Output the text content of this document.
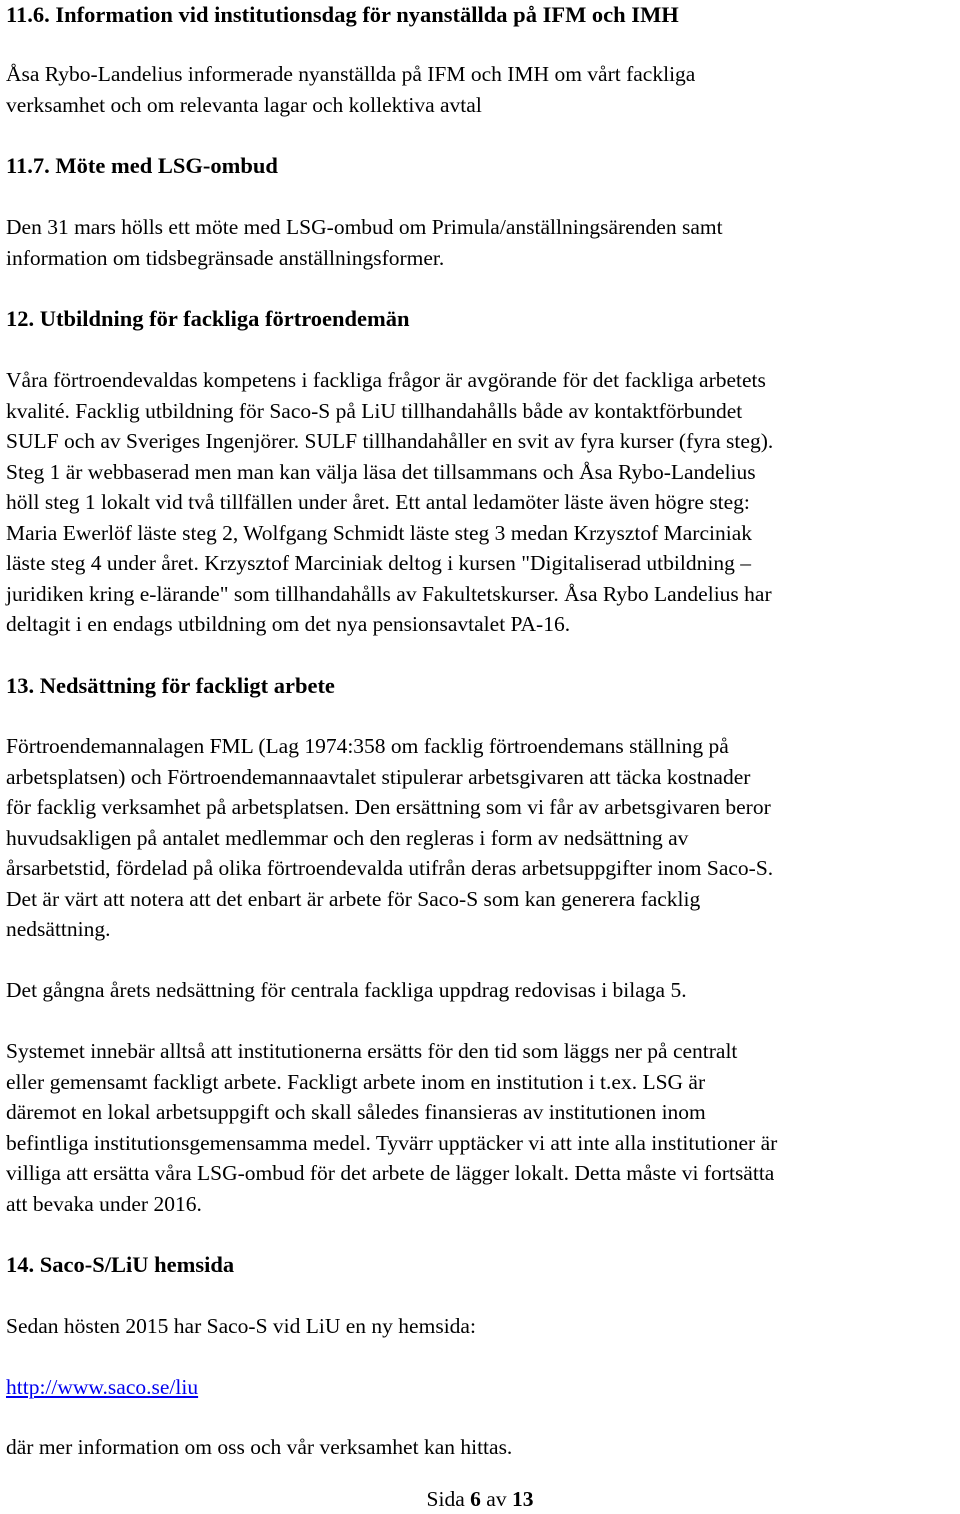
11.6. Information vid institutionsdag för nyanställda på IFM och IMH

Åsa Rybo-Landelius informerade nyanställda på IFM och IMH om vårt fackliga
verksamhet och om relevanta lagar och kollektiva avtal

11.7. Möte med LSG-ombud

Den 31 mars hölls ett möte med LSG-ombud om Primula/anställningsärenden samt
information om tidsbegränsade anställningsformer.

12. Utbildning för fackliga förtroendemän

Våra förtroendevaldas kompetens i fackliga frågor är avgörande för det fackliga arbetets
kvalité. Facklig utbildning för Saco-S på LiU tillhandahålls både av kontaktförbundet
SULF och av Sveriges Ingenjörer. SULF tillhandahåller en svit av fyra kurser (fyra steg).
Steg 1 är webbaserad men man kan välja läsa det tillsammans och Åsa Rybo-Landelius
höll steg 1 lokalt vid två tillfällen under året. Ett antal ledamöter läste även högre steg:
Maria Ewerlöf läste steg 2, Wolfgang Schmidt läste steg 3 medan Krzysztof Marciniak
läste steg 4 under året. Krzysztof Marciniak deltog i kursen "Digitaliserad utbildning –
juridiken kring e-lärande" som tillhandahålls av Fakultetskurser. Åsa Rybo Landelius har
deltagit i en endags utbildning om det nya pensionsavtalet PA-16.

13. Nedsättning för fackligt arbete

Förtroendemannalagen FML (Lag 1974:358 om facklig förtroendemans ställning på
arbetsplatsen) och Förtroendemannaavtalet stipulerar arbetsgivaren att täcka kostnader
för facklig verksamhet på arbetsplatsen. Den ersättning som vi får av arbetsgivaren beror
huvudsakligen på antalet medlemmar och den regleras i form av nedsättning av
årsarbetstid, fördelad på olika förtroendevalda utifrån deras arbetsuppgifter inom Saco-S.
Det är värt att notera att det enbart är arbete för Saco-S som kan generera facklig
nedsättning.

Det gångna årets nedsättning för centrala fackliga uppdrag redovisas i bilaga 5.

Systemet innebär alltså att institutionerna ersätts för den tid som läggs ner på centralt
eller gemensamt fackligt arbete. Fackligt arbete inom en institution i t.ex. LSG är
däremot en lokal arbetsuppgift och skall således finansieras av institutionen inom
befintliga institutionsgemensamma medel. Tyvärr upptäcker vi att inte alla institutioner är
villiga att ersätta våra LSG-ombud för det arbete de lägger lokalt. Detta måste vi fortsätta
att bevaka under 2016.

14. Saco-S/LiU hemsida

Sedan hösten 2015 har Saco-S vid LiU en ny hemsida:

http://www.saco.se/liu

där mer information om oss och vår verksamhet kan hittas.

Sida 6 av 13
